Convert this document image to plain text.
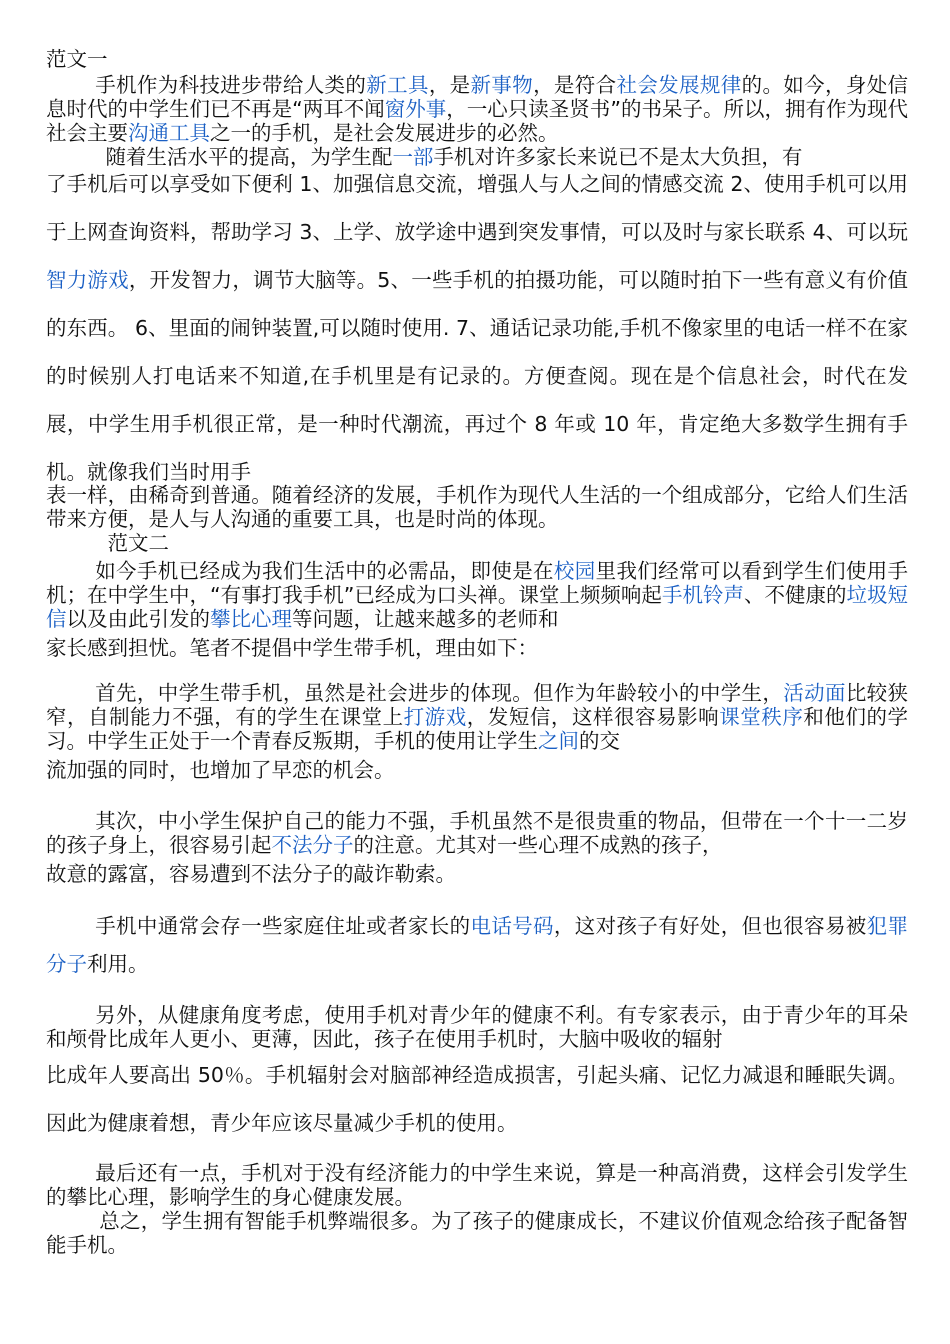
范文一

手机作为科技进步带给人类的新工具，是新事物，是符合社会发展规律的。如今，身处信息时代的中学生们已不再是“两耳不闻窗外事，一心只读圣贤书”的书呆子。所以，拥有作为现代社会主要沟通工具之一的手机，是社会发展进步的必然。

随着生活水平的提高，为学生配一部手机对许多家长来说已不是太大负担，有

了手机后可以享受如下便利 1、加强信息交流，增强人与人之间的情感交流 2、使用手机可以用于上网查询资料，帮助学习 3、上学、放学途中遇到突发事情，可以及时与家长联系 4、可以玩智力游戏，开发智力，调节大脑等。5、一些手机的拍摄功能，可以随时拍下一些有意义有价值的东西。 6、里面的闹钟装置,可以随时使用. 7、通话记录功能,手机不像家里的电话一样不在家的时候别人打电话来不知道,在手机里是有记录的。方便查阅。现在是个信息社会，时代在发展，中学生用手机很正常，是一种时代潮流，再过个 8 年或 10 年，肯定绝大多数学生拥有手机。就像我们当时用手

表一样，由稀奇到普通。随着经济的发展，手机作为现代人生活的一个组成部分，它给人们生活带来方便，是人与人沟通的重要工具，也是时尚的体现。

范文二

如今手机已经成为我们生活中的必需品，即使是在校园里我们经常可以看到学生们使用手机；在中学生中，“有事打我手机”已经成为口头禅。课堂上频频响起手机铃声、不健康的垃圾短信以及由此引发的攀比心理等问题，让越来越多的老师和

家长感到担忧。笔者不提倡中学生带手机，理由如下：

首先，中学生带手机，虽然是社会进步的体现。但作为年龄较小的中学生，活动面比较狭窄，自制能力不强，有的学生在课堂上打游戏，发短信，这样很容易影响课堂秩序和他们的学习。中学生正处于一个青春反叛期，手机的使用让学生之间的交

流加强的同时，也增加了早恋的机会。

其次，中小学生保护自己的能力不强，手机虽然不是很贵重的物品，但带在一个十一二岁的孩子身上，很容易引起不法分子的注意。尤其对一些心理不成熟的孩子，

故意的露富，容易遭到不法分子的敲诈勒索。

手机中通常会存一些家庭住址或者家长的电话号码，这对孩子有好处，但也很容易被犯罪分子利用。

另外，从健康角度考虑，使用手机对青少年的健康不利。有专家表示，由于青少年的耳朵和颅骨比成年人更小、更薄，因此，孩子在使用手机时，大脑中吸收的辐射

比成年人要高出 50％。手机辐射会对脑部神经造成损害，引起头痛、记忆力减退和睡眠失调。因此为健康着想，青少年应该尽量减少手机的使用。

最后还有一点，手机对于没有经济能力的中学生来说，算是一种高消费，这样会引发学生的攀比心理，影响学生的身心健康发展。

总之，学生拥有智能手机弊端很多。为了孩子的健康成长，不建议价值观念给孩子配备智能手机。
